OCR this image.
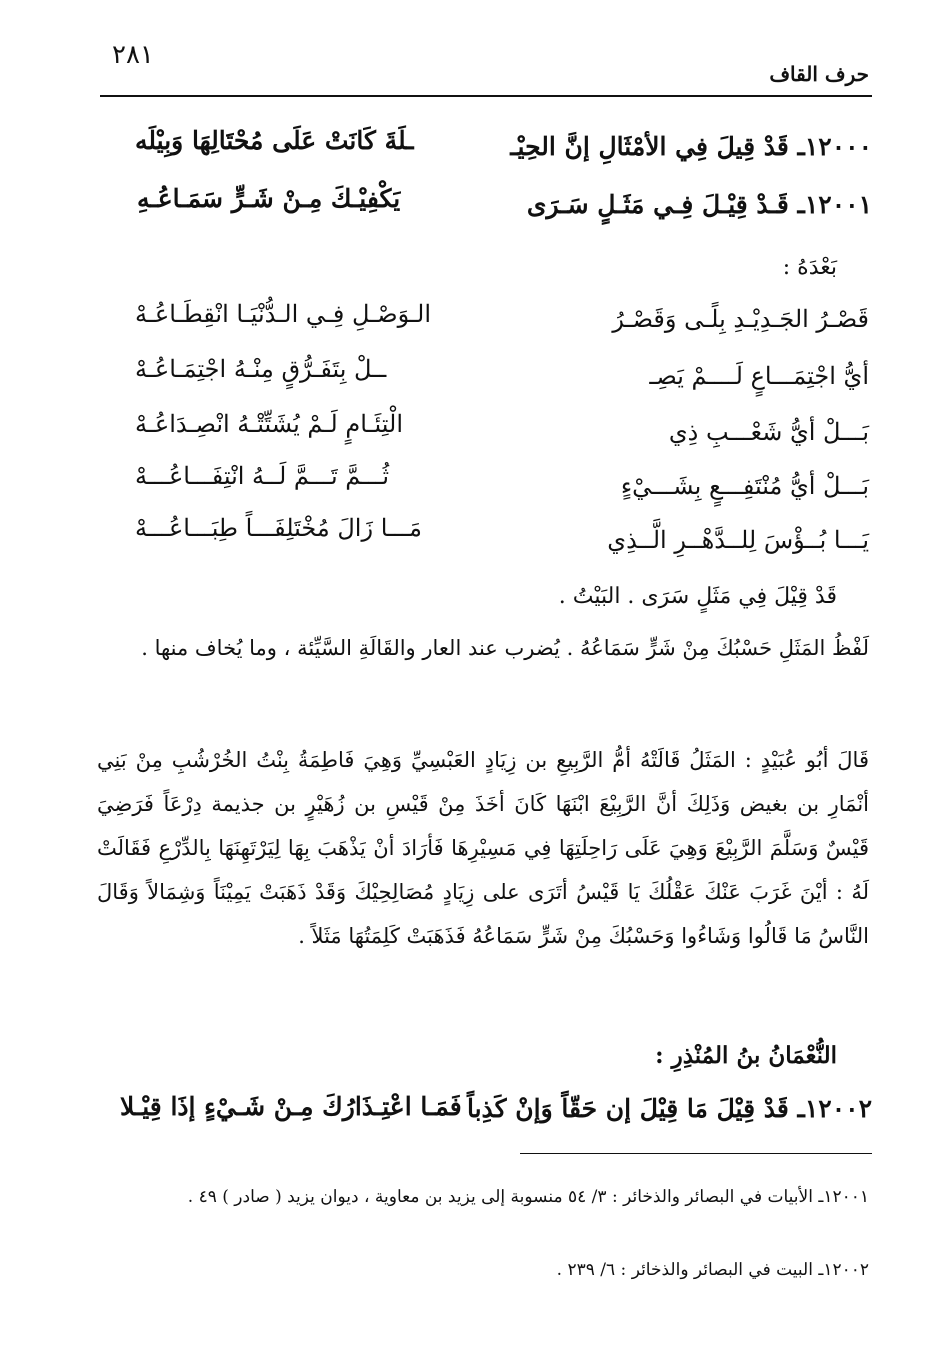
٢٨١
حرف القاف
١٢٠٠٠ـ قَدْ قِيلَ فِي الأمْثَالِ إنَّ الحِيْـ
ـلَةَ كَانَتْ عَلَى مُحْتَالِهَا وَبِيْلَه
١٢٠٠١ـ قَـدْ قِيْـلَ فِـي مَثَـلٍ سَـرَى
يَكْفِيْـكَ مِـنْ شَـرٍّ سَمَـاعُـهِ
بَعْدَهُ :
قَصْـرُ الجَـدِيْـدِ بِلًـى وَقَصْـرُ
الـوَصْـلِ فِـي الـدُّنْيَـا انْقِطَـاعُـهْ
أيُّ اجْتِمَـــاعٍ لَــــمْ يَصِـ
ــلْ بِتَفَـرُّقٍ مِنْـهُ اجْتِمَـاعُـهْ
بَـــلْ أيُّ شَعْـــبِ ذِي
الْتِئَـامٍ لَـمْ يُشَتِّتْـهُ انْصِـدَاعُـهْ
بَـــلْ أيُّ مُنْتَفِـــعٍ بِشَـــيْءٍ
ثُـــمَّ تَـــمَّ لَــهُ انْتِفَـــاعُـــهْ
يَـــا بُــؤْسَ لِلــدَّهْــرِ الَّــذِي
مَـــا زَالَ مُخْتَلِفَـــاً طِبَـــاعُـــهْ
قَدْ قِيْلَ فِي مَثَلٍ سَرَى . البَيْتُ .
لَفْظُ المَثَلِ حَسْبُكَ مِنْ شَرٍّ سَمَاعُهُ . يُضرب عند العار والقَالَةِ السَّيِّئة ، وما يُخاف منها .
قَالَ أبُو عُبَيْدٍ : المَثَلُ قَالَتْهُ أمُّ الرَّبِيعِ بن زِيَادٍ العَبْسِيِّ وَهِيَ فَاطِمَةُ بِنْتُ الخُرْشُبِ مِنْ بَنِي أنْمَارِ بن بغيض وَذَلِكَ أنَّ الرَّبِيْعَ ابْنَهَا كَانَ أخَذَ مِنْ قَيْسِ بن زُهَيْرٍ بن جذيمة دِرْعَاً فَرَضِيَ قَيْسٌ وَسَلَّمَ الرَّبِيْعَ وَهِيَ عَلَى رَاحِلَتِهَا فِي مَسِيْرِهَا فَأرَادَ أنْ يَذْهَبَ بِهَا لِيَرْتَهِنَهَا بِالدِّرْعِ فَقَالَتْ لَهُ : أيْنَ غَرَبَ عَنْكَ عَقْلُكَ يَا قَيْسُ أتَرَى على زِيَادٍ مُصَالِحِيْكَ وَقَدْ ذَهَبَتْ يَمِيْنَاً وَشِمَالاً وَقَالَ النَّاسُ مَا قَالُوا وَشَاءُوا وَحَسْبُكَ مِنْ شَرٍّ سَمَاعُهُ فَذَهَبَتْ كَلِمَتُهَا مَثَلاً .
النُّعْمَانُ بنُ المُنْذِرِ :
١٢٠٠٢ـ قَدْ قِيْلَ مَا قِيْلَ إن حَقّاً وَإنْ كَذِباً
فَمَـا اعْتِـذَارُكَ مِـنْ شَـيْءٍ إذَا قِيْـلا
١٢٠٠١ـ الأبيات في البصائر والذخائر : ٣/ ٥٤ منسوبة إلى يزيد بن معاوية ، ديوان يزيد ( صادر ) ٤٩ .
١٢٠٠٢ـ البيت في البصائر والذخائر : ٦/ ٢٣٩ .
